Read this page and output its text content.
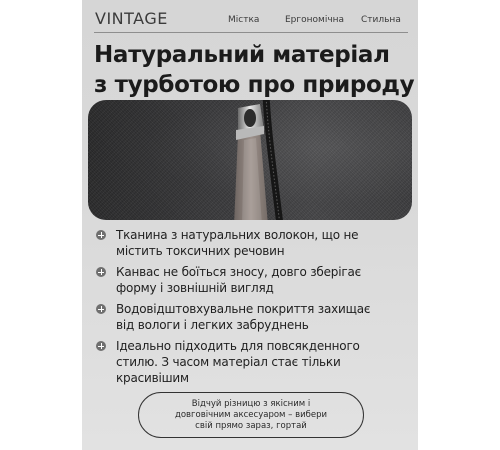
VINTAGE	Містка	Ергономічна Стильна
Натуральний матеріал
з турботою про природу
Тканина з натуральних волокон, що не
містить токсичних речовин
Канвас не боїться зносу, довго зберігає
форму і зовнішній вигляд
Водовідштовхувальне покриття захищає
від вологи і легких забруднень
Ідеально підходить для повсякденного
стилю. З часом матеріал стає тільки
красивішим
Відчуй різницю з якісним і
довговічним аксесуаром – вибери
свій прямо зараз, гортай
